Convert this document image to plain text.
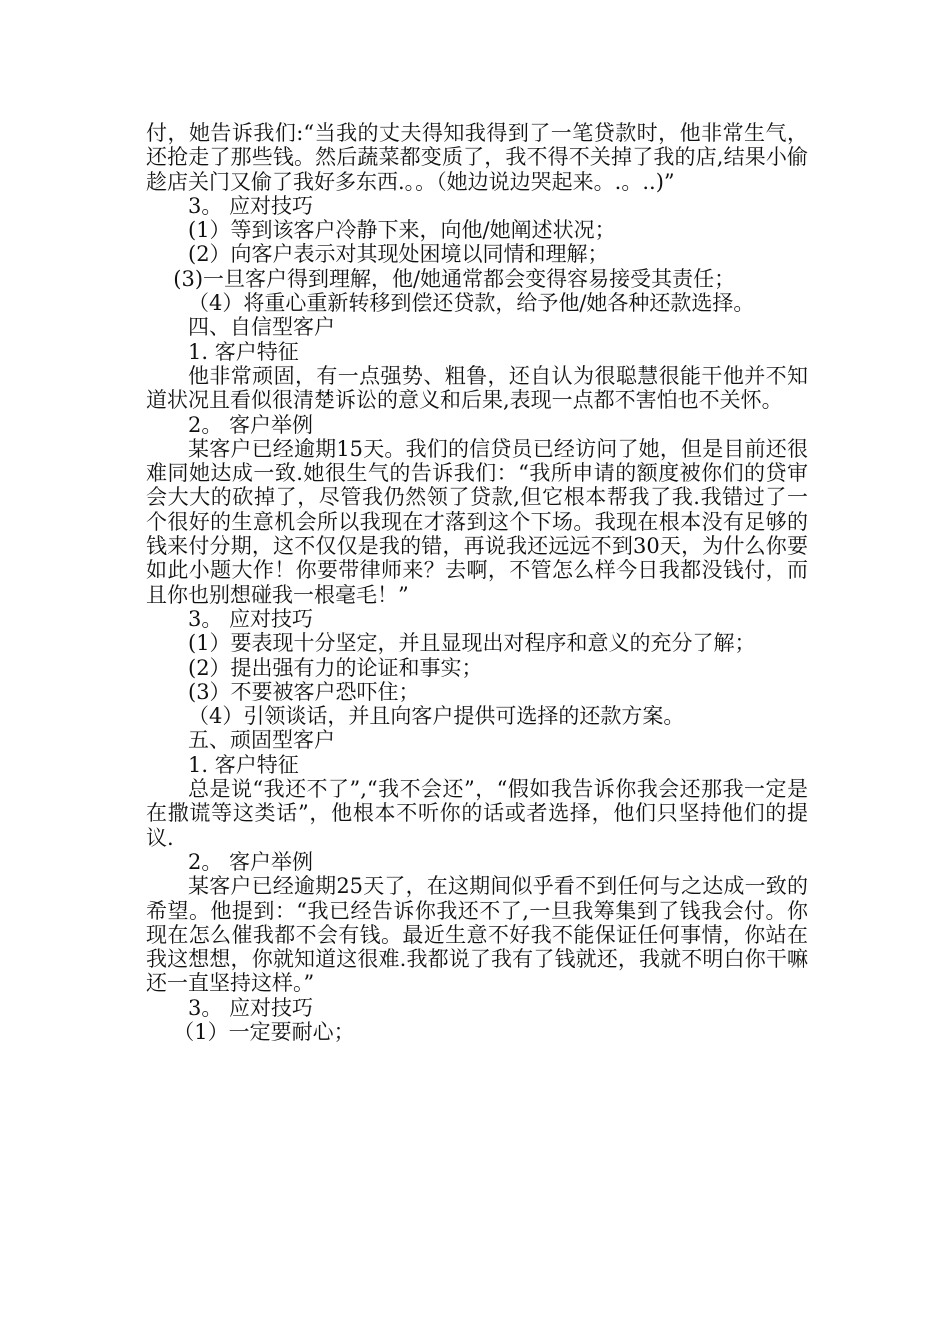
付，她告诉我们:“当我的丈夫得知我得到了一笔贷款时，他非常生气，还抢走了那些钱。然后蔬菜都变质了，我不得不关掉了我的店,结果小偷趁店关门又偷了我好多东西.。。（她边说边哭起来。.。..)”

3。 应对技巧

(1）等到该客户冷静下来，向他/她阐述状况；

(2）向客户表示对其现处困境以同情和理解；

(3)一旦客户得到理解，他/她通常都会变得容易接受其责任；

（4）将重心重新转移到偿还贷款，给予他/她各种还款选择。

四、自信型客户

1. 客户特征

他非常顽固，有一点强势、粗鲁，还自认为很聪慧很能干他并不知道状况且看似很清楚诉讼的意义和后果,表现一点都不害怕也不关怀。

2。 客户举例

某客户已经逾期15天。我们的信贷员已经访问了她，但是目前还很难同她达成一致.她很生气的告诉我们：“我所申请的额度被你们的贷审会大大的砍掉了，尽管我仍然领了贷款,但它根本帮我了我.我错过了一个很好的生意机会所以我现在才落到这个下场。我现在根本没有足够的钱来付分期，这不仅仅是我的错，再说我还远远不到30天，为什么你要如此小题大作！你要带律师来？去啊，不管怎么样今日我都没钱付，而且你也别想碰我一根毫毛！”

3。 应对技巧

(1）要表现十分坚定，并且显现出对程序和意义的充分了解；

(2）提出强有力的论证和事实；

(3）不要被客户恐吓住；

（4）引领谈话，并且向客户提供可选择的还款方案。

五、顽固型客户

1. 客户特征

总是说“我还不了”,“我不会还”，“假如我告诉你我会还那我一定是在撒谎等这类话”，他根本不听你的话或者选择，他们只坚持他们的提议.

2。 客户举例

某客户已经逾期25天了，在这期间似乎看不到任何与之达成一致的希望。他提到：“我已经告诉你我还不了,一旦我筹集到了钱我会付。你现在怎么催我都不会有钱。最近生意不好我不能保证任何事情，你站在我这想想，你就知道这很难.我都说了我有了钱就还，我就不明白你干嘛还一直坚持这样。”

3。 应对技巧

（1）一定要耐心；
